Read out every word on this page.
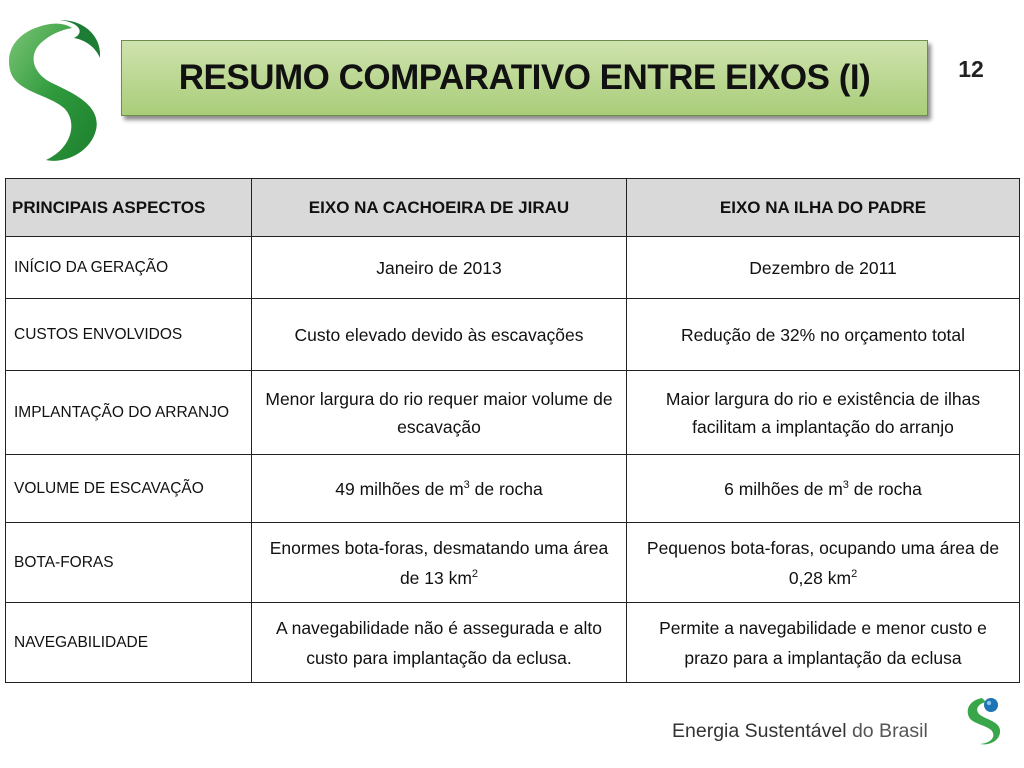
RESUMO COMPARATIVO ENTRE EIXOS (I)	12
PRINCIPAIS ASPECTOS	EIXO NA CACHOEIRA DE JIRAU	EIXO NA ILHA DO PADRE
INÍCIO DA GERAÇÃO	Janeiro de 2013	Dezembro de 2011
CUSTOS ENVOLVIDOS	Custo elevado devido às escavações	Redução de 32% no orçamento total
IMPLANTAÇÃO DO ARRANJO	Menor largura do rio requer maior volume de escavação	Maior largura do rio e existência de ilhas facilitam a implantação do arranjo
VOLUME DE ESCAVAÇÃO	49 milhões de $m^3$ de rocha	6 milhões de $m^3$ de rocha
BOTA-FORAS	Enormes bota-foras, desmatando uma área de 13 $km^2$	Pequenos bota-foras, ocupando uma área de 0,28 $km^2$
NAVEGABILIDADE	A navegabilidade não é assegurada e alto custo para implantação da eclusa.	Permite a navegabilidade e menor custo e prazo para a implantação da eclusa
Energia Sustentável do Brasil
